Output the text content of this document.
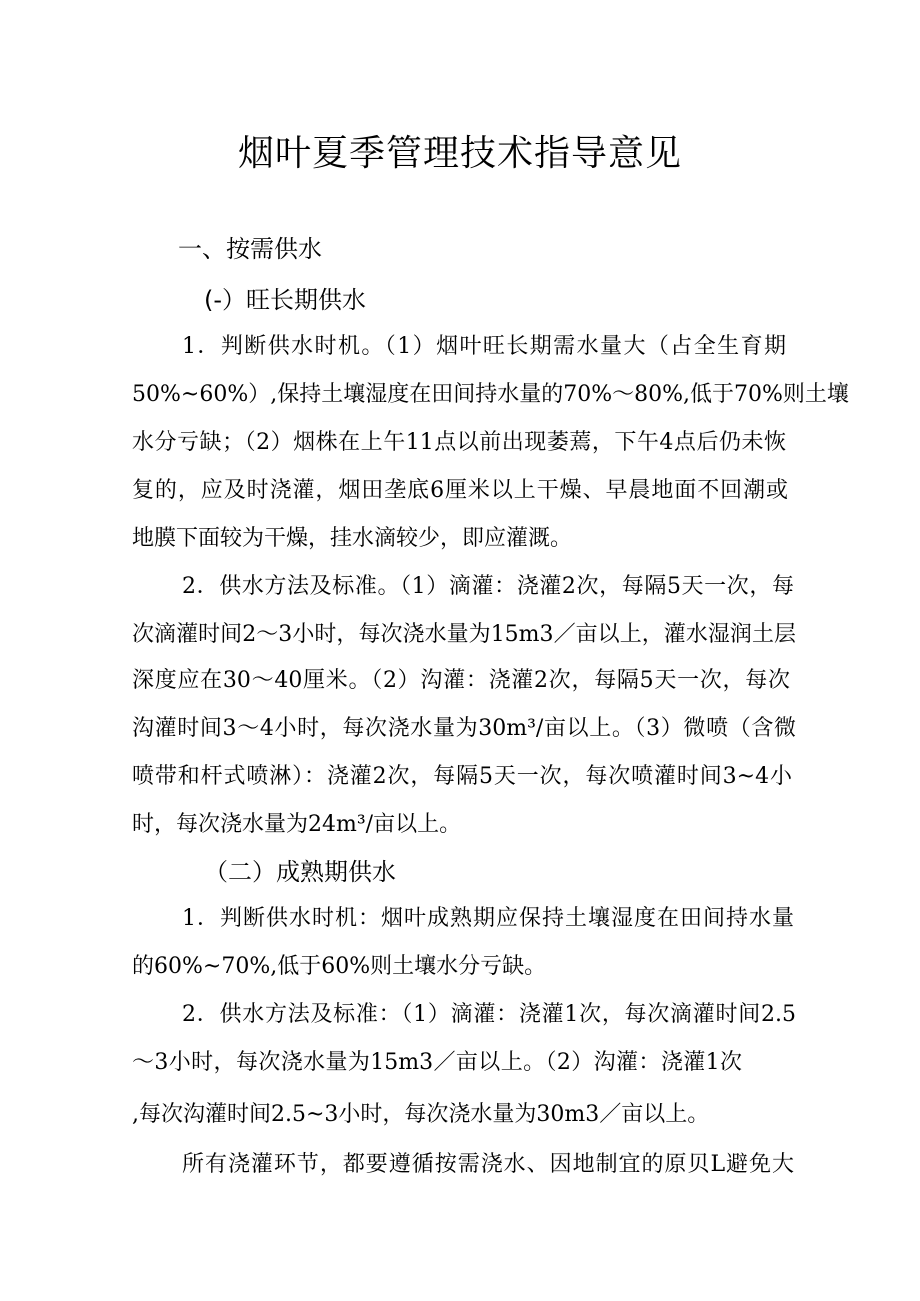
烟叶夏季管理技术指导意见
一、按需供水
(-）旺长期供水
1．判断供水时机。（1）烟叶旺长期需水量大（占全生育期
50%~60%）,保持土壤湿度在田间持水量的70%～80%,低于70%则土壤
水分亏缺；（2）烟株在上午11点以前出现萎蔫，下午4点后仍未恢
复的，应及时浇灌，烟田垄底6厘米以上干燥、早晨地面不回潮或
地膜下面较为干燥，挂水滴较少，即应灌溉。
2．供水方法及标准。（1）滴灌：浇灌2次，每隔5天一次，每
次滴灌时间2～3小时，每次浇水量为15m3／亩以上，灌水湿润土层
深度应在30～40厘米。（2）沟灌：浇灌2次，每隔5天一次，每次
沟灌时间3～4小时，每次浇水量为30m³/亩以上。（3）微喷（含微
喷带和杆式喷淋）：浇灌2次，每隔5天一次，每次喷灌时间3~4小
时，每次浇水量为24m³/亩以上。
（二）成熟期供水
1．判断供水时机：烟叶成熟期应保持土壤湿度在田间持水量
的60%~70%,低于60%则土壤水分亏缺。
2．供水方法及标准：（1）滴灌：浇灌1次，每次滴灌时间2.5
～3小时，每次浇水量为15m3／亩以上。（2）沟灌：浇灌1次
,每次沟灌时间2.5~3小时，每次浇水量为30m3／亩以上。
所有浇灌环节，都要遵循按需浇水、因地制宜的原贝L避免大
